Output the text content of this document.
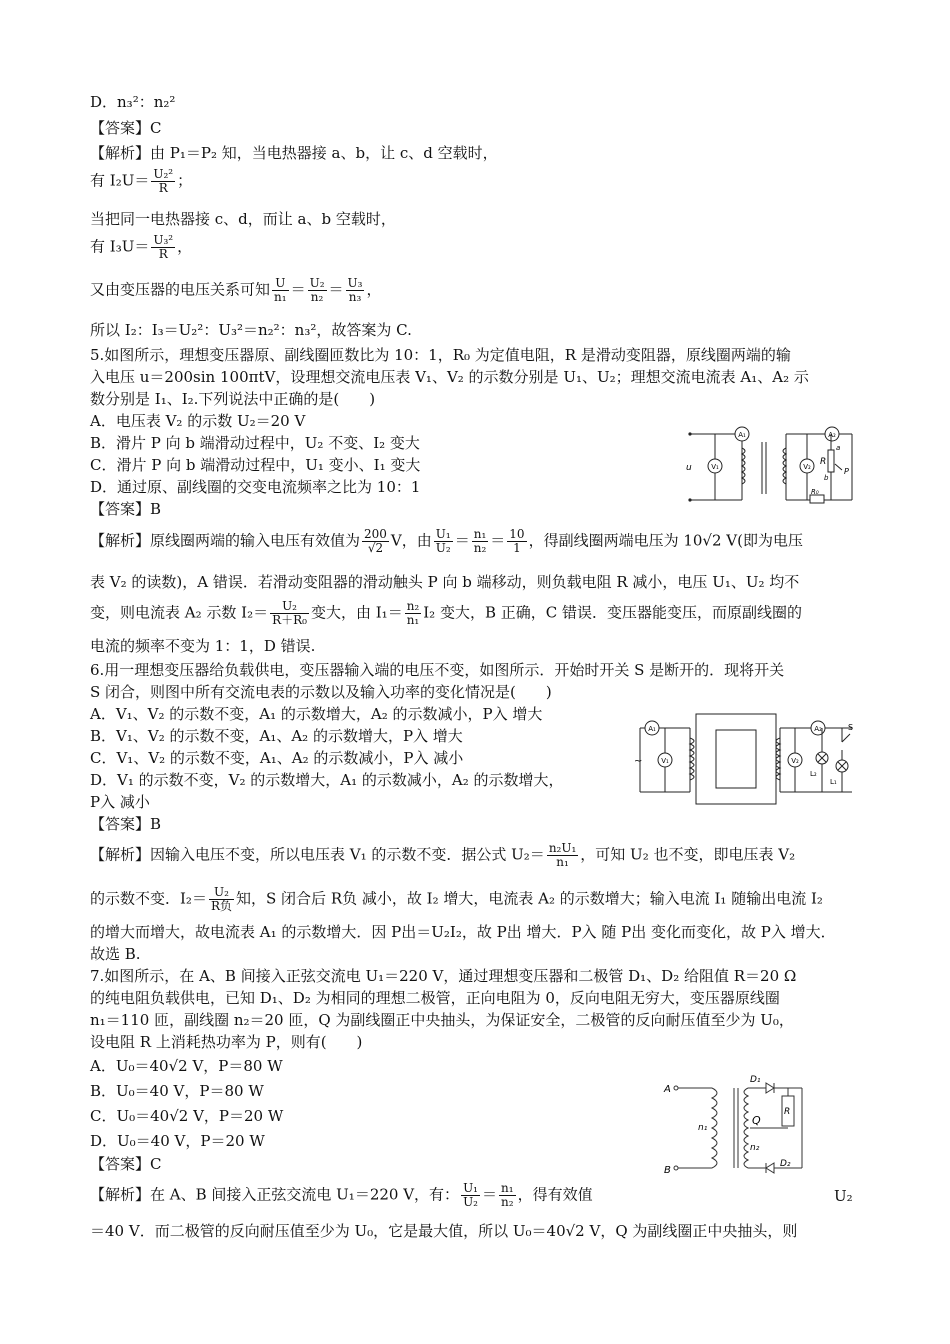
D．n₃²：n₂²
【答案】C
【解析】由 P₁＝P₂ 知，当电热器接 a、b，让 c、d 空载时，
有 $I_2U= \frac{\text{U₂²}}{R}$ ；
当把同一电热器接 c、d，而让 a、b 空载时，
有 $I_3U= \frac{\text{U₃²}}{R}$ ，
又由变压器的电压关系可知 $\frac{U}{\text{n₁}} = \frac{\text{U₂}}{\text{n₂}} = \frac{\text{U₃}}{\text{n₃}}$ ，
所以 I₂：I₃＝U₂²：U₃²＝n₂²：n₃²，故答案为 C.
5.如图所示，理想变压器原、副线圈匝数比为 10：1，R₀ 为定值电阻，R 是滑动变阻器，原线圈两端的输
入电压 u＝200sin 100πtV，设理想交流电压表 V₁、V₂ 的示数分别是 U₁、U₂；理想交流电流表 A₁、A₂ 示
数分别是 I₁、I₂.下列说法中正确的是(　　)
A．电压表 V₂ 的示数 U₂＝20 V
B．滑片 P 向 b 端滑动过程中，U₂ 不变、I₂ 变大
C．滑片 P 向 b 端滑动过程中，U₁ 变小、I₁ 变大
D．通过原、副线圈的交变电流频率之比为 10：1
【答案】B
【解析】原线圈两端的输入电压有效值为 $\frac{200}{√2}$ V，由 $\frac{\text{U₁}}{\text{U₂}} = \frac{\text{n₁}}{\text{n₂}} = \frac{10}{1}$ ，得副线圈两端电压为 10√2 V(即为电压
表 V₂ 的读数)，A 错误．若滑动变阻器的滑动触头 P 向 b 端移动，则负载电阻 R 减小，电压 U₁、U₂ 均不
变，则电流表 A₂ 示数 $I_2= \frac{\text{U₂}}{\text{R＋R₀}}$ 变大，由 $I_1= \frac{\text{n₂}}{\text{n₁}} I_2$ 变大，B 正确，C 错误．变压器能变压，而原副线圈的
电流的频率不变为 1：1，D 错误.
6.用一理想变压器给负载供电，变压器输入端的电压不变，如图所示．开始时开关 S 是断开的．现将开关
S 闭合，则图中所有交流电表的示数以及输入功率的变化情况是(　　)
A．V₁、V₂ 的示数不变，A₁ 的示数增大，A₂ 的示数减小，P入 增大
B．V₁、V₂ 的示数不变，A₁、A₂ 的示数增大，P入 增大
C．V₁、V₂ 的示数不变，A₁、A₂ 的示数减小，P入 减小
D．V₁ 的示数不变，V₂ 的示数增大，A₁ 的示数减小，A₂ 的示数增大，
P入 减小
【答案】B
【解析】因输入电压不变，所以电压表 V₁ 的示数不变．据公式 $U_2= \frac{\text{n₂U₁}}{\text{n₁}}$ ，可知 U₂ 也不变，即电压表 V₂
的示数不变．$I_2= \frac{\text{U₂}}{\text{R负}}$ 知，S 闭合后 R负 减小，故 I₂ 增大，电流表 A₂ 的示数增大；输入电流 I₁ 随输出电流 I₂
的增大而增大，故电流表 A₁ 的示数增大．因 P出＝U₂I₂，故 P出 增大．P入 随 P出 变化而变化，故 P入 增大．
故选 B.
7.如图所示，在 A、B 间接入正弦交流电 U₁＝220 V，通过理想变压器和二极管 D₁、D₂ 给阻值 R＝20 Ω
的纯电阻负载供电，已知 D₁、D₂ 为相同的理想二极管，正向电阻为 0，反向电阻无穷大，变压器原线圈
n₁＝110 匝，副线圈 n₂＝20 匝，Q 为副线圈正中央抽头，为保证安全，二极管的反向耐压值至少为 U₀，
设电阻 R 上消耗热功率为 P，则有(　　)
A．U₀＝40√2 V，P＝80 W
B．U₀＝40 V，P＝80 W
C．U₀＝40√2 V，P＝20 W
D．U₀＝40 V，P＝20 W
【答案】C
【解析】在 A、B 间接入正弦交流电 U₁＝220 V，有： $\frac{\text{U₁}}{\text{U₂}} = \frac{\text{n₁}}{\text{n₂}}$ ，得有效值	U₂
＝40 V．而二极管的反向耐压值至少为 U₀，它是最大值，所以 U₀＝40√2 V，Q 为副线圈正中央抽头，则
A₁
V₁	V₂
A₂
u
R
a
b
P
R₀
~
A₁
V₁	V₂
A₂
L₂
L₁
S
A
B
n₁
n₂
Q
R
D₁
D₂
